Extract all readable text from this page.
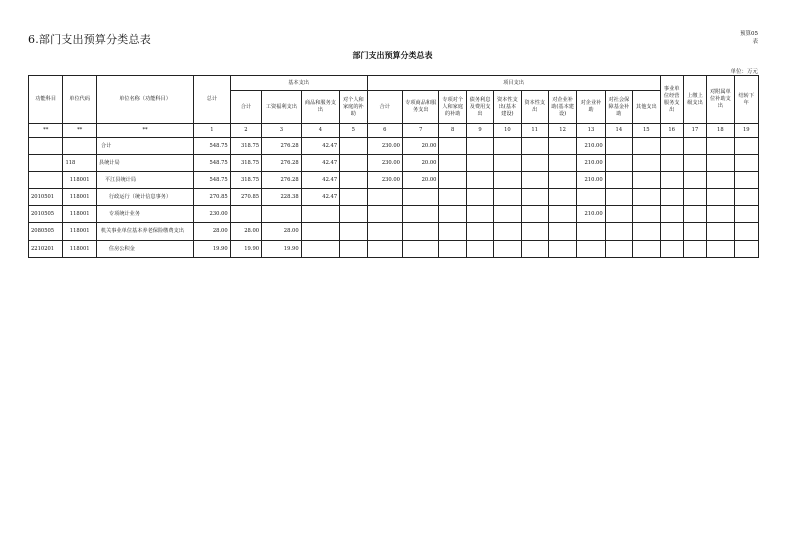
6.部门支出预算分类总表	预算05
表
部门支出预算分类总表
单位：万元
功能科目	单位代码	单位名称（功能科目）	总计	基本支出				项目支出										事业单位经营服务支出	上缴上级支出	对附属单位补助支出	结转下年
				合计	工资福利支出	商品和服务支出	对个人和家庭的补助	合计	专项商品和服务支出	专项对个人和家庭的补助	债务利息及费用支出	资本性支出(基本建设)	资本性支出	对企业补助(基本建设)	对企业补助	对社会保障基金补助	其他支出				
**	**	**	1	2	3	4	5	6	7	8	9	10	11	12	13	14	15	16	17	18	19
		合计	548.75	318.75	276.28	42.47		230.00	20.00						210.00						
	118	县统计局	548.75	318.75	276.28	42.47		230.00	20.00						210.00						
	118001	平江县统计局	548.75	318.75	276.28	42.47		230.00	20.00						210.00						
2010501	118001	行政运行（统计信息事务）	270.85	270.85	228.38	42.47															
2010505	118001	专项统计业务	230.00												210.00						
2080505	118001	机关事业单位基本养老保险缴费支出	28.00	28.00	28.00																
2210201	118001	住房公积金	19.90	19.90	19.90																
